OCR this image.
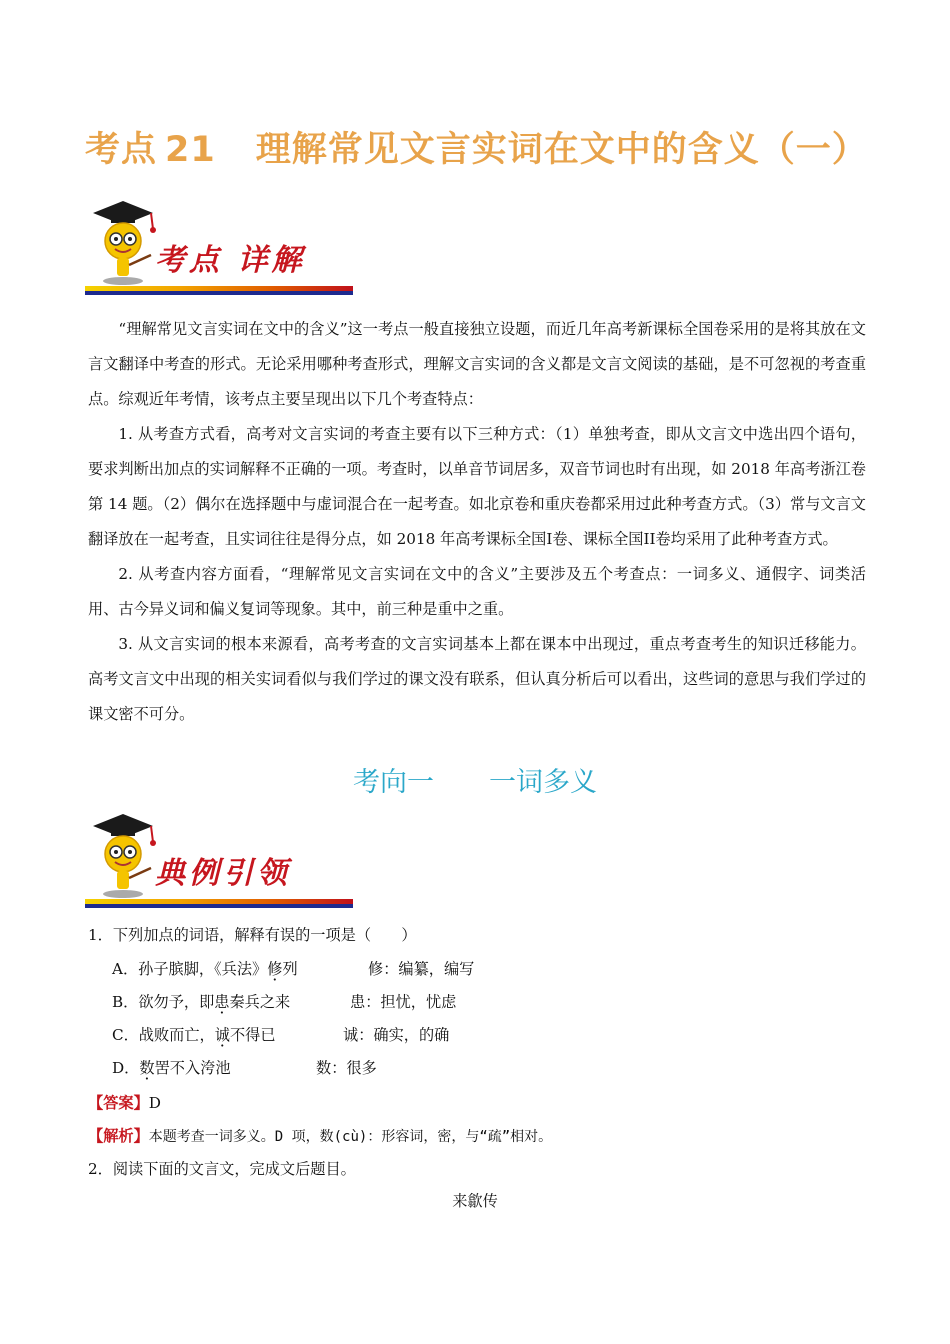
考点 21 理解常见文言实词在文中的含义（一）
考点 详解

“理解常见文言实词在文中的含义”这一考点一般直接独立设题，而近几年高考新课标全国卷采用的是将其放在文言文翻译中考查的形式。无论采用哪种考查形式，理解文言实词的含义都是文言文阅读的基础，是不可忽视的考查重点。综观近年考情，该考点主要呈现出以下几个考查特点：

1. 从考查方式看，高考对文言实词的考查主要有以下三种方式：（1）单独考查，即从文言文中选出四个语句，要求判断出加点的实词解释不正确的一项。考查时，以单音节词居多，双音节词也时有出现，如 2018 年高考浙江卷第 14 题。（2）偶尔在选择题中与虚词混合在一起考查。如北京卷和重庆卷都采用过此种考查方式。（3）常与文言文翻译放在一起考查，且实词往往是得分点，如 2018 年高考课标全国I卷、课标全国II卷均采用了此种考查方式。

2. 从考查内容方面看，“理解常见文言实词在文中的含义”主要涉及五个考查点：一词多义、通假字、词类活用、古今异义词和偏义复词等现象。其中，前三种是重中之重。

3. 从文言实词的根本来源看，高考考查的文言实词基本上都在课本中出现过，重点考查考生的知识迁移能力。高考文言文中出现的相关实词看似与我们学过的课文没有联系，但认真分析后可以看出，这些词的意思与我们学过的课文密不可分。

考向一 一词多义
典例引领
1．下列加点的词语，解释有误的一项是（　　）
A．孙子膑脚，《兵法》修列	修：编纂，编写
B．欲勿予，即患秦兵之来	患：担忧，忧虑
C．战败而亡，诚不得已	诚：确实，的确
D．数罟不入洿池	数：很多
【答案】D
【解析】本题考查一词多义。D 项，数(cù)：形容词，密，与“疏”相对。
2．阅读下面的文言文，完成文后题目。
来歙传
